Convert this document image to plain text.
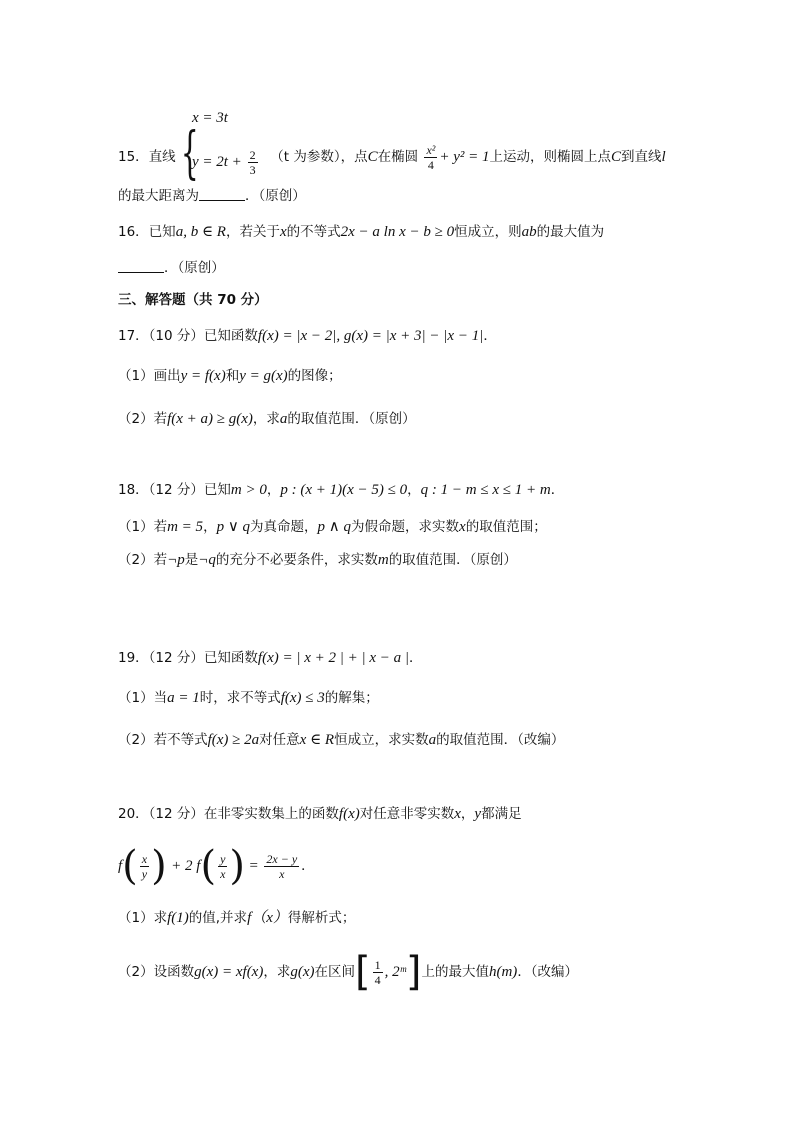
15．直线 {
x = 3t
$y = 2t + \frac{2}{3} (t$ 为参数），点C在椭圆 $\frac{\text{x²}}{4} + y^2 = 1$上运动，则椭圆上点C到直线l
的最大距离为	．（原创）
16．已知a, b ∈ R，若关于x的不等式2x − a ln x − b ≥ 0恒成立，则ab的最大值为
．（原创）
三、解答题（共 70 分）
17．（10 分）已知函数f(x) = |x − 2|, g(x) = |x + 3| − |x − 1|．
（1）画出y = f(x)和y = g(x)的图像；
（2）若f(x + a) ≥ g(x)，求a的取值范围．（原创）
18．（12 分）已知m > 0，p : (x + 1)(x − 5) ≤ 0，q : 1 − m ≤ x ≤ 1 + m．
（1）若m = 5，p ∨ q为真命题，p ∧ q为假命题，求实数x的取值范围；
（2）若¬p是¬q的充分不必要条件，求实数m的取值范围．（原创）
19．（12 分）已知函数f(x) = | x + 2 | + | x − a |．
（1）当a = 1时，求不等式f(x) ≤ 3的解集；
（2）若不等式f(x) ≥ 2a对任意x ∈ R恒成立，求实数a的取值范围．（改编）
20．（12 分）在非零实数集上的函数f(x)对任意非零实数x，y都满足
$f( \frac{x}{y}$ ) + 2 $f( \frac{y}{x}$ ) = $\frac{2x - y}{x}$ ．
（1）求f(1)的值,并求f（x）得解析式；
（2）设函数g(x) = xf(x)，求g(x)在区间[ $\frac{1}{4}$ , 2ᵐ]上的最大值h(m)．（改编）
